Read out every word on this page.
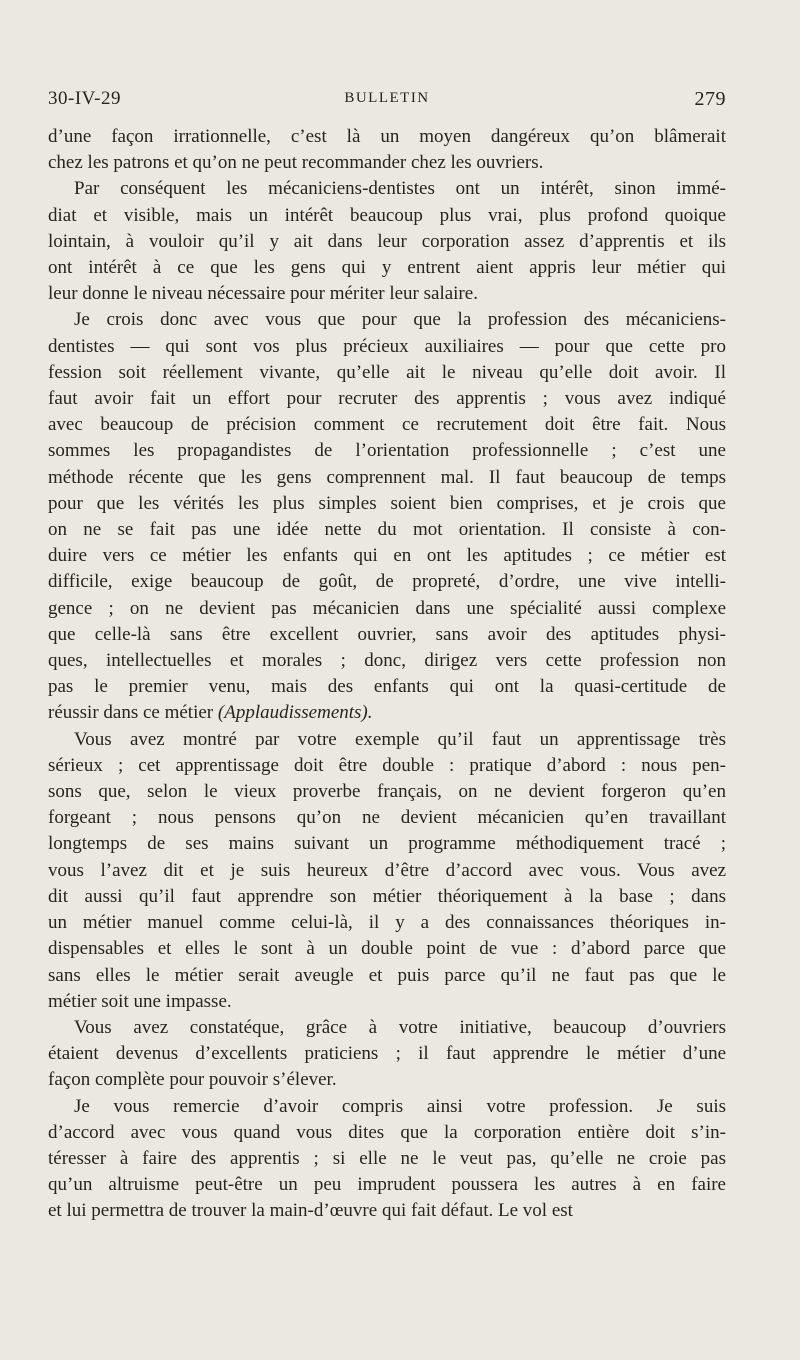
30-IV-29	BULLETIN	279
d’une façon irrationnelle, c’est là un moyen dangéreux qu’on blâmerait
chez les patrons et qu’on ne peut recommander chez les ouvriers.
Par conséquent les mécaniciens-dentistes ont un intérêt, sinon immé-
diat et visible, mais un intérêt beaucoup plus vrai, plus profond quoique
lointain, à vouloir qu’il y ait dans leur corporation assez d’apprentis et ils
ont intérêt à ce que les gens qui y entrent aient appris leur métier qui
leur donne le niveau nécessaire pour mériter leur salaire.
Je crois donc avec vous que pour que la profession des mécaniciens-
dentistes — qui sont vos plus précieux auxiliaires — pour que cette pro
fession soit réellement vivante, qu’elle ait le niveau qu’elle doit avoir. Il
faut avoir fait un effort pour recruter des apprentis ; vous avez indiqué
avec beaucoup de précision comment ce recrutement doit être fait. Nous
sommes les propagandistes de l’orientation professionnelle ; c’est une
méthode récente que les gens comprennent mal. Il faut beaucoup de temps
pour que les vérités les plus simples soient bien comprises, et je crois que
on ne se fait pas une idée nette du mot orientation. Il consiste à con-
duire vers ce métier les enfants qui en ont les aptitudes ; ce métier est
difficile, exige beaucoup de goût, de propreté, d’ordre, une vive intelli-
gence ; on ne devient pas mécanicien dans une spécialité aussi complexe
que celle-là sans être excellent ouvrier, sans avoir des aptitudes physi-
ques, intellectuelles et morales ; donc, dirigez vers cette profession non
pas le premier venu, mais des enfants qui ont la quasi-certitude de
réussir dans ce métier (Applaudissements).
Vous avez montré par votre exemple qu’il faut un apprentissage très
sérieux ; cet apprentissage doit être double : pratique d’abord : nous pen-
sons que, selon le vieux proverbe français, on ne devient forgeron qu’en
forgeant ; nous pensons qu’on ne devient mécanicien qu’en travaillant
longtemps de ses mains suivant un programme méthodiquement tracé ;
vous l’avez dit et je suis heureux d’être d’accord avec vous. Vous avez
dit aussi qu’il faut apprendre son métier théoriquement à la base ; dans
un métier manuel comme celui-là, il y a des connaissances théoriques in-
dispensables et elles le sont à un double point de vue : d’abord parce que
sans elles le métier serait aveugle et puis parce qu’il ne faut pas que le
métier soit une impasse.
Vous avez constatéque, grâce à votre initiative, beaucoup d’ouvriers
étaient devenus d’excellents praticiens ; il faut apprendre le métier d’une
façon complète pour pouvoir s’élever.
Je vous remercie d’avoir compris ainsi votre profession. Je suis
d’accord avec vous quand vous dites que la corporation entière doit s’in-
téresser à faire des apprentis ; si elle ne le veut pas, qu’elle ne croie pas
qu’un altruisme peut-être un peu imprudent poussera les autres à en faire
et lui permettra de trouver la main-d’œuvre qui fait défaut. Le vol est
